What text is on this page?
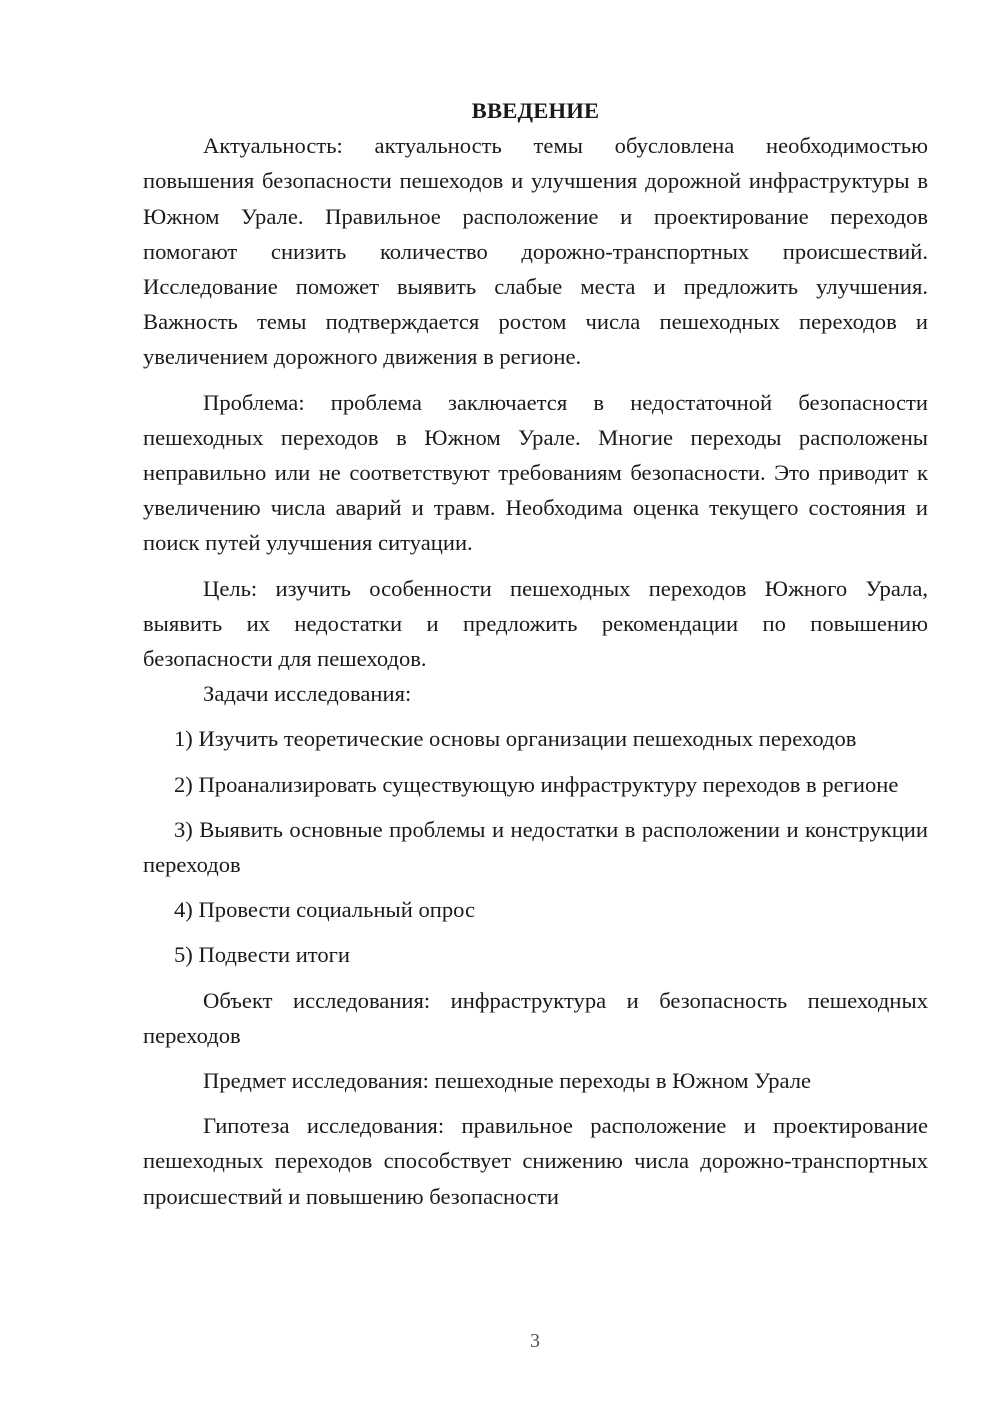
ВВЕДЕНИЕ

Актуальность: актуальность темы обусловлена необходимостью повышения безопасности пешеходов и улучшения дорожной инфраструктуры в Южном Урале. Правильное расположение и проектирование переходов помогают снизить количество дорожно-транспортных происшествий. Исследование поможет выявить слабые места и предложить улучшения. Важность темы подтверждается ростом числа пешеходных переходов и увеличением дорожного движения в регионе.

Проблема: проблема заключается в недостаточной безопасности пешеходных переходов в Южном Урале. Многие переходы расположены неправильно или не соответствуют требованиям безопасности. Это приводит к увеличению числа аварий и травм. Необходима оценка текущего состояния и поиск путей улучшения ситуации.

Цель: изучить особенности пешеходных переходов Южного Урала, выявить их недостатки и предложить рекомендации по повышению безопасности для пешеходов.

Задачи исследования:

1) Изучить теоретические основы организации пешеходных переходов

2) Проанализировать существующую инфраструктуру переходов в регионе

3) Выявить основные проблемы и недостатки в расположении и конструкции переходов

4) Провести социальный опрос

5) Подвести итоги

Объект исследования: инфраструктура и безопасность пешеходных переходов

Предмет исследования: пешеходные переходы в Южном Урале

Гипотеза исследования: правильное расположение и проектирование пешеходных переходов способствует снижению числа дорожно-транспортных происшествий и повышению безопасности

3
